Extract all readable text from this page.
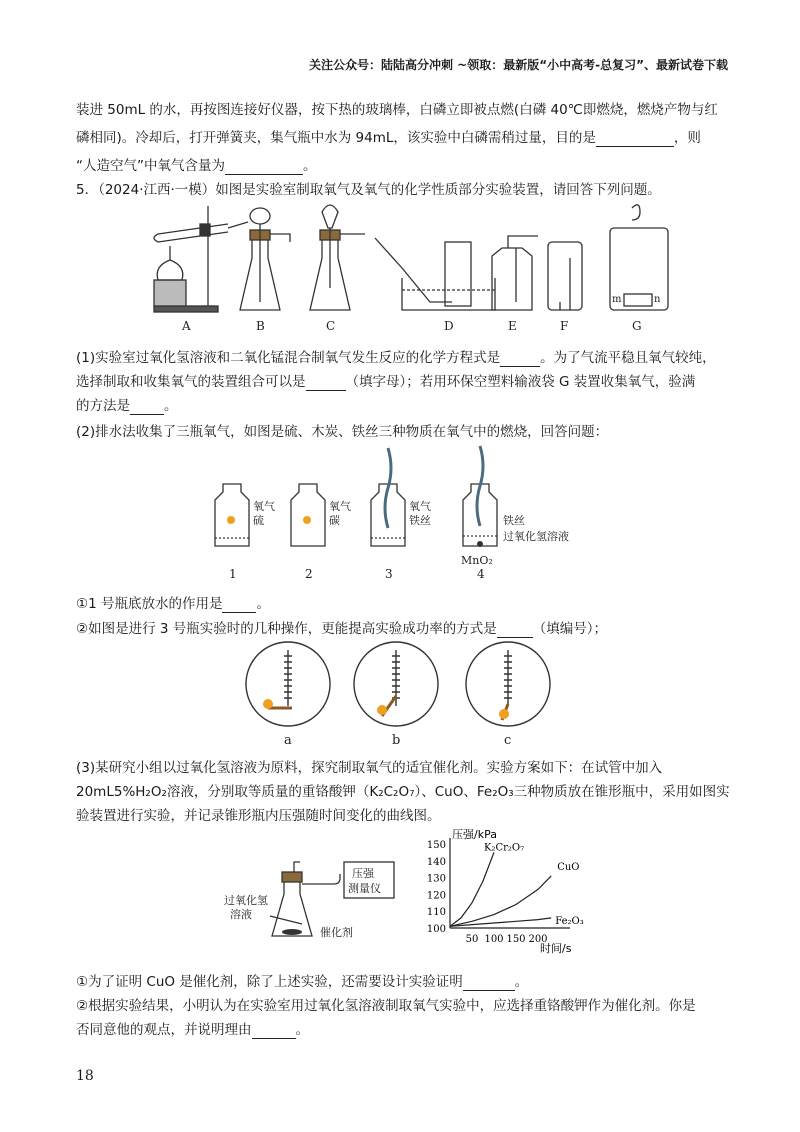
关注公众号：陆陆高分冲刺 ~领取：最新版“小中高考-总复习”、最新试卷下载
装进 50mL 的水，再按图连接好仪器，按下热的玻璃棒，白磷立即被点燃(白磷 40℃即燃烧，燃烧产物与红
磷相同)。冷却后，打开弹簧夹，集气瓶中水为 94mL，该实验中白磷需稍过量，目的是	，则
“人造空气”中氧气含量为	。
5．（2024·江西·一模）如图是实验室制取氧气及氧气的化学性质部分实验装置，请回答下列问题。
A	B	C	D	E	F	G
m	n
(1)实验室过氧化氢溶液和二氧化锰混合制氧气发生反应的化学方程式是	。为了气流平稳且氧气较纯，
选择制取和收集氧气的装置组合可以是	（填字母）；若用环保空塑料输液袋 G 装置收集氧气，验满
的方法是	。
(2)排水法收集了三瓶氧气，如图是硫、木炭、铁丝三种物质在氧气中的燃烧，回答问题：
氧气
硫
氧气
碳
氧气
铁丝	铁丝
过氧化氢溶液
MnO₂
1	2	3	4
①1 号瓶底放水的作用是	。
②如图是进行 3 号瓶实验时的几种操作，更能提高实验成功率的方式是	（填编号）；
a	b	c
(3)某研究小组以过氧化氢溶液为原料，探究制取氧气的适宜催化剂。实验方案如下：在试管中加入
20mL5%H₂O₂溶液，分别取等质量的重铬酸钾（K₂C₂O₇）、CuO、Fe₂O₃三种物质放在锥形瓶中，采用如图实
验装置进行实验，并记录锥形瓶内压强随时间变化的曲线图。
压强
测量仪
过氧化氢
溶液
催化剂
压强/kPa
时间/s
100
110
120
130
140
150
50 100 150 200
K₂Cr₂O₇
CuO
Fe₂O₃
①为了证明 CuO 是催化剂，除了上述实验，还需要设计实验证明	。
②根据实验结果，小明认为在实验室用过氧化氢溶液制取氧气实验中，应选择重铬酸钾作为催化剂。你是
否同意他的观点，并说明理由	。
18
